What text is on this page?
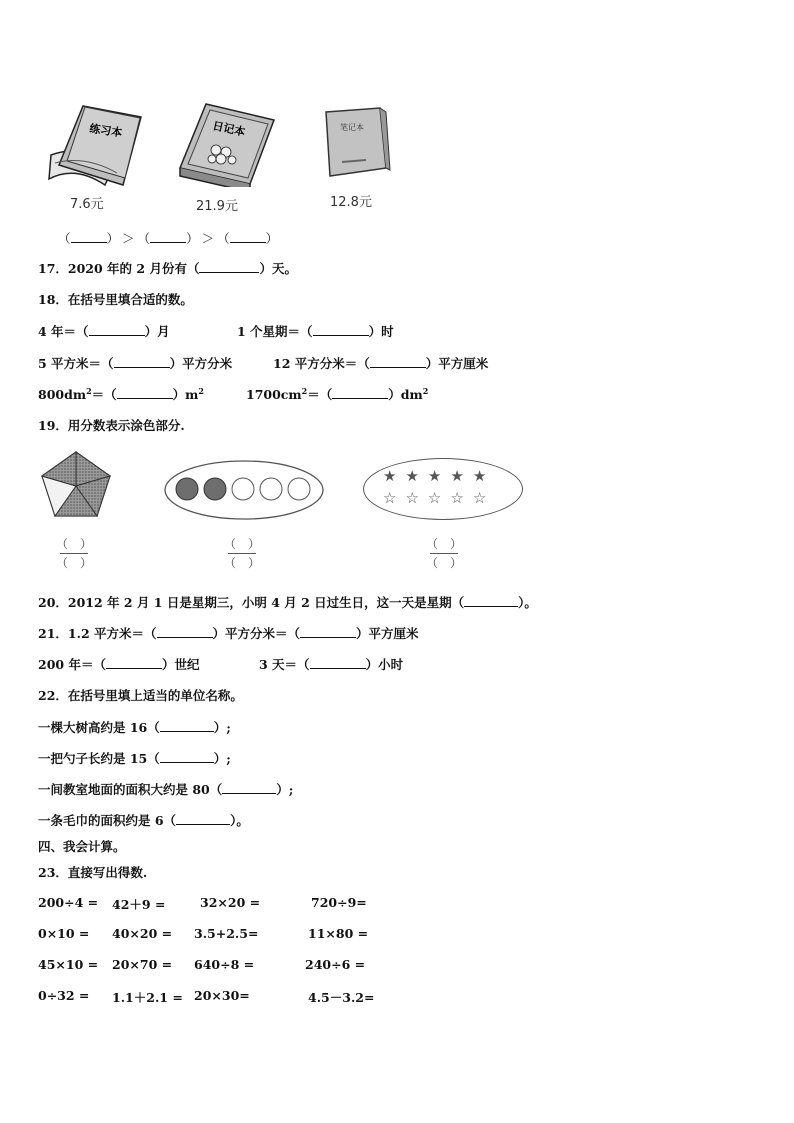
练习本	日记本	笔记本
7.6元	21.9元	12.8元
（	） ＞ （	） ＞ （	）
17．2020 年的 2 月份有（	）天。
18．在括号里填合适的数。
4 年＝（	）月	1 个星期＝（	）时
5 平方米＝（	）平方分米	12 平方分米＝（	）平方厘米
$800dm^2=$（	）$m^2$	$1700cm^2=$（	）$dm^2$
19．用分数表示涂色部分.
★★★★★
☆☆☆☆☆
（　）
（　）
（　）
（　）
（　）
（　）
20．2012 年 2 月 1 日是星期三，小明 4 月 2 日过生日，这一天是星期（	）。
21．1.2 平方米＝（	）平方分米＝（	）平方厘米
200 年＝（	）世纪	3 天＝（	）小时
22．在括号里填上适当的单位名称。
一棵大树高约是 16（	）;
一把勺子长约是 15（	）;
一间教室地面的面积大约是 80（	）;
一条毛巾的面积约是 6（	）。
四、我会计算。
23．直接写出得数.
200÷4 = 42＋9 =	32×20 =	720÷9=
0×10 = 40×20 = 3.5+2.5=	11×80 =
45×10 = 20×70 = 640÷8 =	240÷6 =
0÷32 = 1.1＋2.1 = 20×30=	4.5－3.2=
